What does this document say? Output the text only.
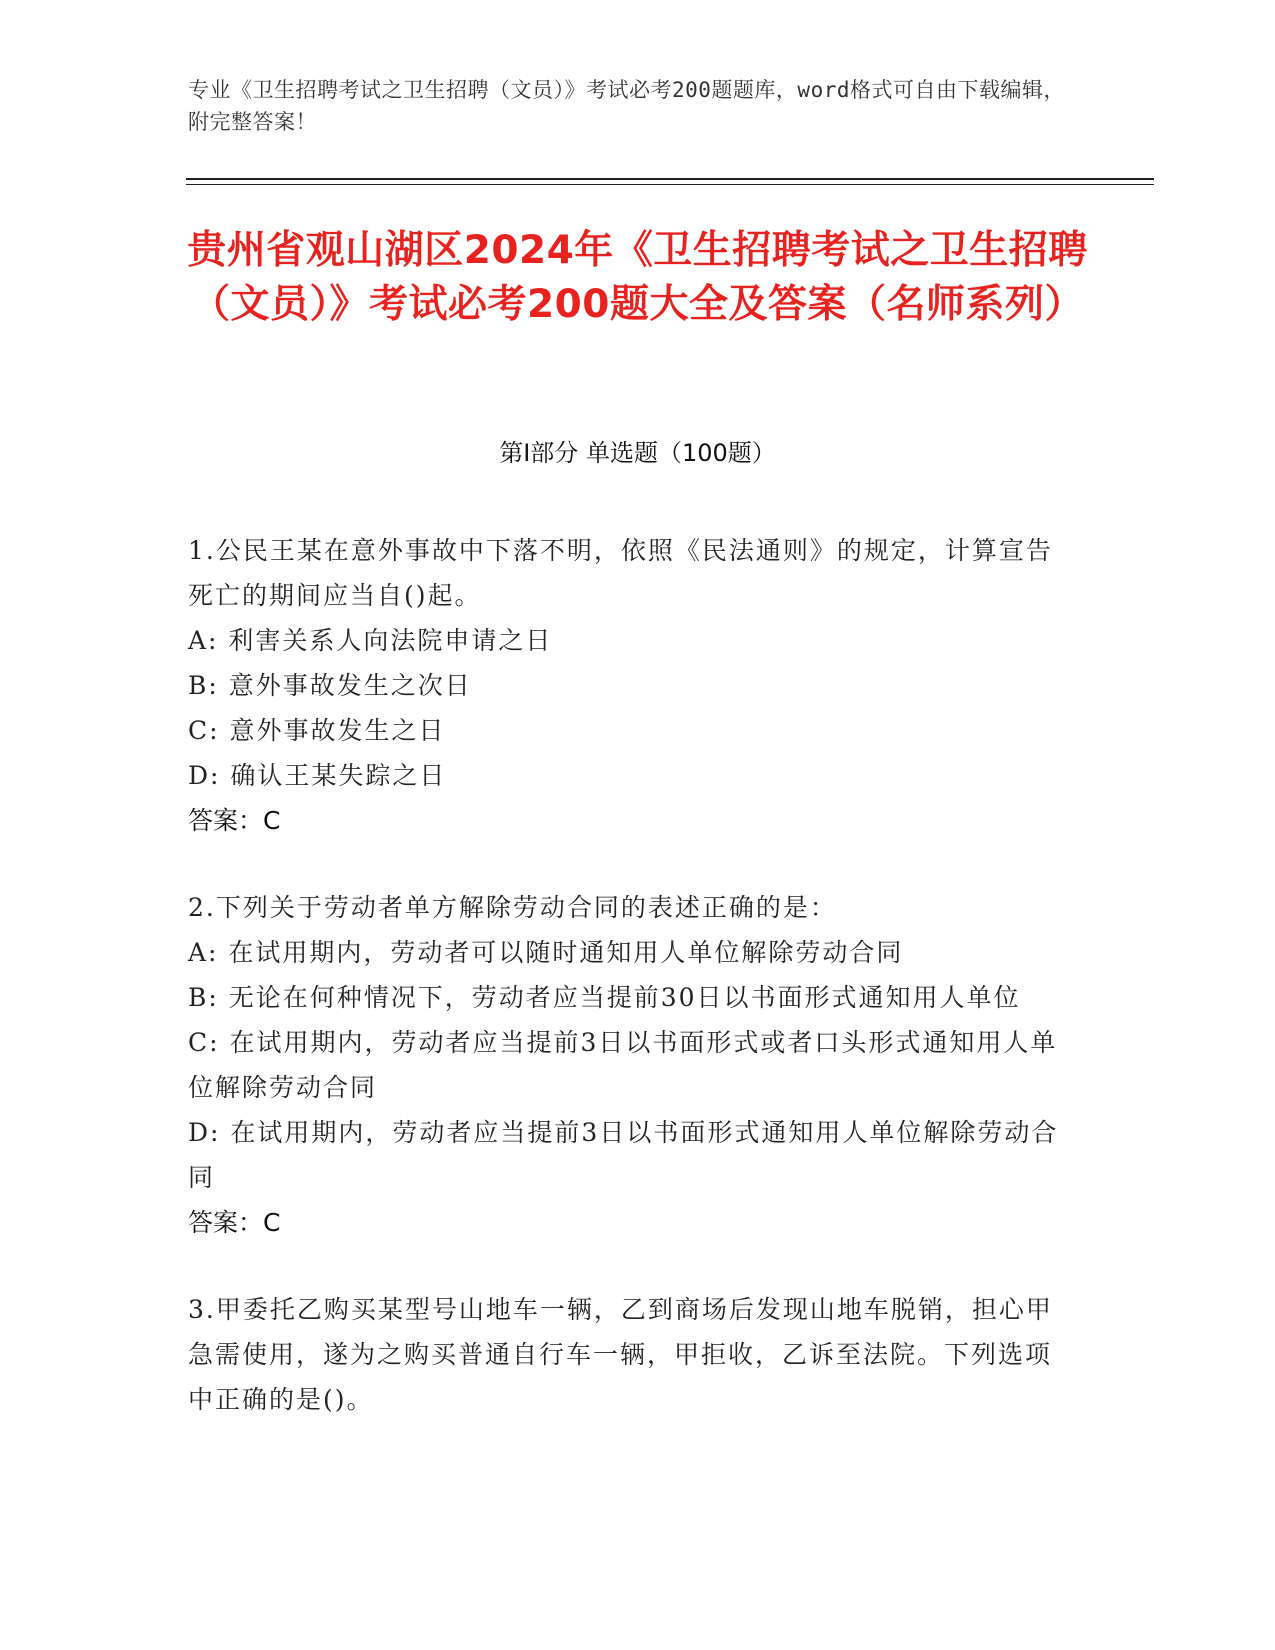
专业《卫生招聘考试之卫生招聘（文员）》考试必考200题题库，word格式可自由下载编辑，附完整答案！
贵州省观山湖区2024年《卫生招聘考试之卫生招聘（文员）》考试必考200题大全及答案（名师系列）
第I部分 单选题（100题）
1.公民王某在意外事故中下落不明，依照《民法通则》的规定，计算宣告死亡的期间应当自()起。
A: 利害关系人向法院申请之日
B: 意外事故发生之次日
C: 意外事故发生之日
D: 确认王某失踪之日
答案：C
2.下列关于劳动者单方解除劳动合同的表述正确的是：
A: 在试用期内，劳动者可以随时通知用人单位解除劳动合同
B: 无论在何种情况下，劳动者应当提前30日以书面形式通知用人单位
C: 在试用期内，劳动者应当提前3日以书面形式或者口头形式通知用人单位解除劳动合同
D: 在试用期内，劳动者应当提前3日以书面形式通知用人单位解除劳动合同
答案：C
3.甲委托乙购买某型号山地车一辆，乙到商场后发现山地车脱销，担心甲急需使用，遂为之购买普通自行车一辆，甲拒收，乙诉至法院。下列选项中正确的是()。
